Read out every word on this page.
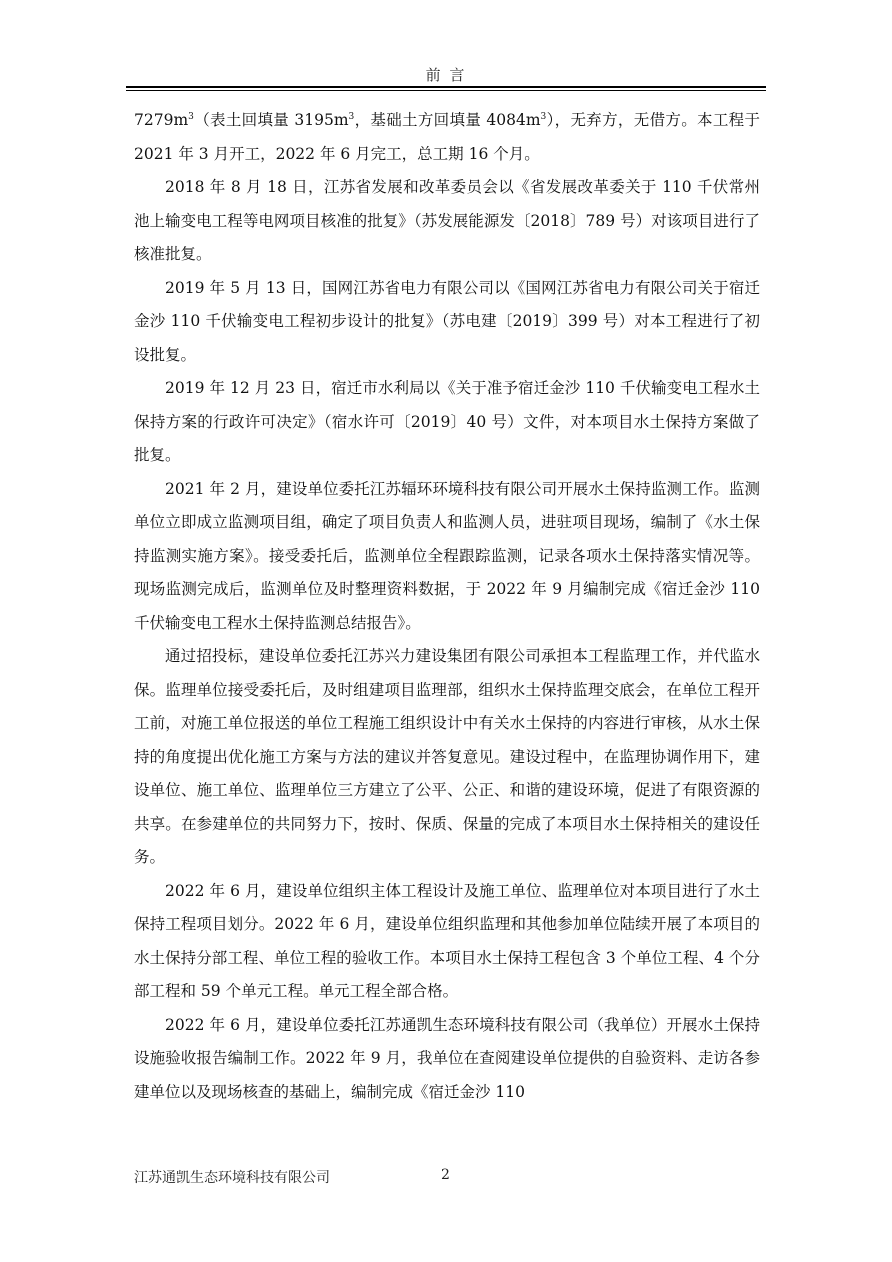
前 言

$7279m^3$（表土回填量 $3195m^3$，基础土方回填量 $4084m^3$），无弃方，无借方。本工程于 2021 年 3 月开工，2022 年 6 月完工，总工期 16 个月。

2018 年 8 月 18 日，江苏省发展和改革委员会以《省发展改革委关于 110 千伏常州池上输变电工程等电网项目核准的批复》（苏发展能源发〔2018〕789 号）对该项目进行了核准批复。

2019 年 5 月 13 日，国网江苏省电力有限公司以《国网江苏省电力有限公司关于宿迁金沙 110 千伏输变电工程初步设计的批复》（苏电建〔2019〕399 号）对本工程进行了初设批复。

2019 年 12 月 23 日，宿迁市水利局以《关于准予宿迁金沙 110 千伏输变电工程水土保持方案的行政许可决定》（宿水许可〔2019〕40 号）文件，对本项目水土保持方案做了批复。

2021 年 2 月，建设单位委托江苏辐环环境科技有限公司开展水土保持监测工作。监测单位立即成立监测项目组，确定了项目负责人和监测人员，进驻项目现场，编制了《水土保持监测实施方案》。接受委托后，监测单位全程跟踪监测，记录各项水土保持落实情况等。现场监测完成后，监测单位及时整理资料数据，于 2022 年 9 月编制完成《宿迁金沙 110 千伏输变电工程水土保持监测总结报告》。

通过招投标，建设单位委托江苏兴力建设集团有限公司承担本工程监理工作，并代监水保。监理单位接受委托后，及时组建项目监理部，组织水土保持监理交底会，在单位工程开工前，对施工单位报送的单位工程施工组织设计中有关水土保持的内容进行审核，从水土保持的角度提出优化施工方案与方法的建议并答复意见。建设过程中，在监理协调作用下，建设单位、施工单位、监理单位三方建立了公平、公正、和谐的建设环境，促进了有限资源的共享。在参建单位的共同努力下，按时、保质、保量的完成了本项目水土保持相关的建设任务。

2022 年 6 月，建设单位组织主体工程设计及施工单位、监理单位对本项目进行了水土保持工程项目划分。2022 年 6 月，建设单位组织监理和其他参加单位陆续开展了本项目的水土保持分部工程、单位工程的验收工作。本项目水土保持工程包含 3 个单位工程、4 个分部工程和 59 个单元工程。单元工程全部合格。

2022 年 6 月，建设单位委托江苏通凯生态环境科技有限公司（我单位）开展水土保持设施验收报告编制工作。2022 年 9 月，我单位在查阅建设单位提供的自验资料、走访各参建单位以及现场核查的基础上，编制完成《宿迁金沙 110

江苏通凯生态环境科技有限公司	2
